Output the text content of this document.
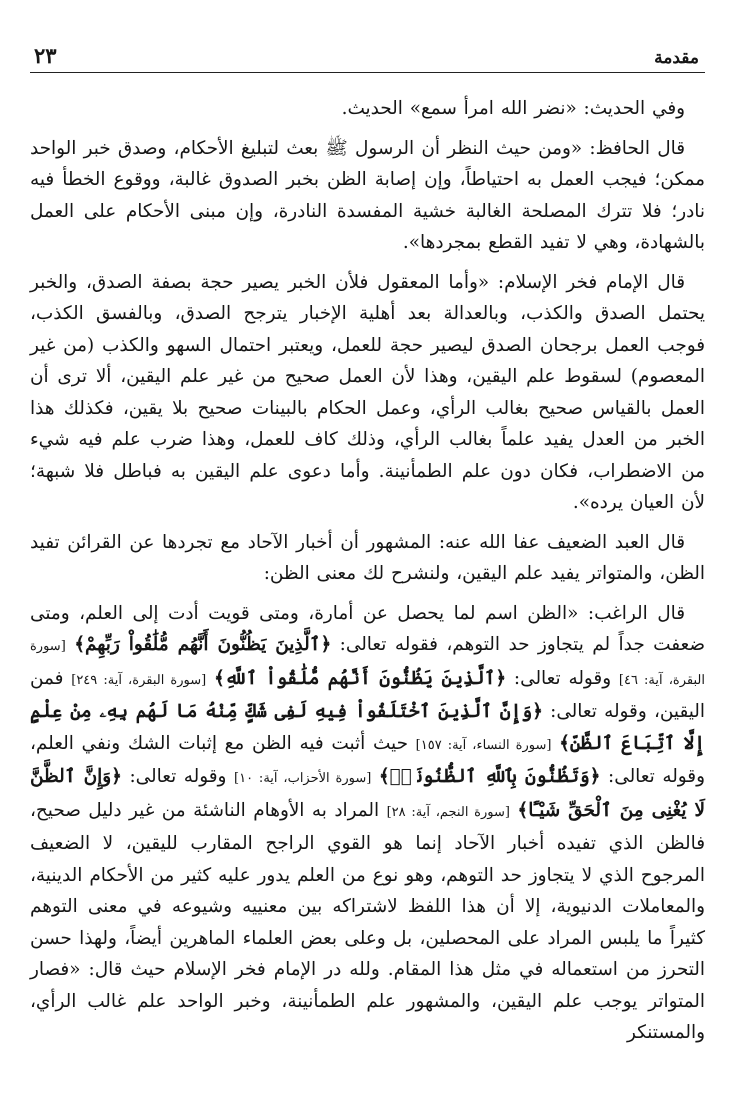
مقدمة
٢٣

وفي الحديث: «نضر الله امرأ سمع» الحديث.

قال الحافظ: «ومن حيث النظر أن الرسول ﷺ بعث لتبليغ الأحكام، وصدق خبر الواحد ممكن؛ فيجب العمل به احتياطاً، وإن إصابة الظن بخبر الصدوق غالبة، ووقوع الخطأ فيه نادر؛ فلا تترك المصلحة الغالبة خشية المفسدة النادرة، وإن مبنى الأحكام على العمل بالشهادة، وهي لا تفيد القطع بمجردها».

قال الإمام فخر الإسلام: «وأما المعقول فلأن الخبر يصير حجة بصفة الصدق، والخبر يحتمل الصدق والكذب، وبالعدالة بعد أهلية الإخبار يترجح الصدق، وبالفسق الكذب، فوجب العمل برجحان الصدق ليصير حجة للعمل، ويعتبر احتمال السهو والكذب (من غير المعصوم) لسقوط علم اليقين، وهذا لأن العمل صحيح من غير علم اليقين، ألا ترى أن العمل بالقياس صحيح بغالب الرأي، وعمل الحكام بالبينات صحيح بلا يقين، فكذلك هذا الخبر من العدل يفيد علماً بغالب الرأي، وذلك كاف للعمل، وهذا ضرب علم فيه شيء من الاضطراب، فكان دون علم الطمأنينة. وأما دعوى علم اليقين به فباطل فلا شبهة؛ لأن العيان يرده».

قال العبد الضعيف عفا الله عنه: المشهور أن أخبار الآحاد مع تجردها عن القرائن تفيد الظن، والمتواتر يفيد علم اليقين، ولنشرح لك معنى الظن:

قال الراغب: «الظن اسم لما يحصل عن أمارة، ومتى قويت أدت إلى العلم، ومتى ضعفت جداً لم يتجاوز حد التوهم، فقوله تعالى: ﴿ٱلَّذِينَ يَظُنُّونَ أَنَّهُم مُّلَٰقُواْ رَبِّهِمْ﴾ [سورة البقرة، آية: ٤٦] وقوله تعالى: ﴿ٱلَّذِينَ يَظُنُّونَ أَنَّهُم مُّلَٰقُواْ ٱللَّهِ﴾ [سورة البقرة، آية: ٢٤٩] فمن اليقين، وقوله تعالى: ﴿وَإِنَّ ٱلَّذِينَ ٱخْتَلَفُواْ فِيهِ لَفِى شَكٍّ مِّنْهُ مَا لَهُم بِهِۦ مِنْ عِلْمٍ إِلَّا ٱتِّبَاعَ ٱلظَّنِّ﴾ [سورة النساء، آية: ١٥٧] حيث أثبت فيه الظن مع إثبات الشك ونفي العلم، وقوله تعالى: ﴿وَتَظُنُّونَ بِٱللَّهِ ٱلظُّنُونَا۠﴾ [سورة الأحزاب، آية: ١٠] وقوله تعالى: ﴿وَإِنَّ ٱلظَّنَّ لَا يُغْنِى مِنَ ٱلْحَقِّ شَيْـًٔا﴾ [سورة النجم، آية: ٢٨] المراد به الأوهام الناشئة من غير دليل صحيح، فالظن الذي تفيده أخبار الآحاد إنما هو القوي الراجح المقارب لليقين، لا الضعيف المرجوح الذي لا يتجاوز حد التوهم، وهو نوع من العلم يدور عليه كثير من الأحكام الدينية، والمعاملات الدنيوية، إلا أن هذا اللفظ لاشتراكه بين معنييه وشيوعه في معنى التوهم كثيراً ما يلبس المراد على المحصلين، بل وعلى بعض العلماء الماهرين أيضاً، ولهذا حسن التحرز من استعماله في مثل هذا المقام. ولله در الإمام فخر الإسلام حيث قال: «فصار المتواتر يوجب علم اليقين، والمشهور علم الطمأنينة، وخبر الواحد علم غالب الرأي، والمستنكر
